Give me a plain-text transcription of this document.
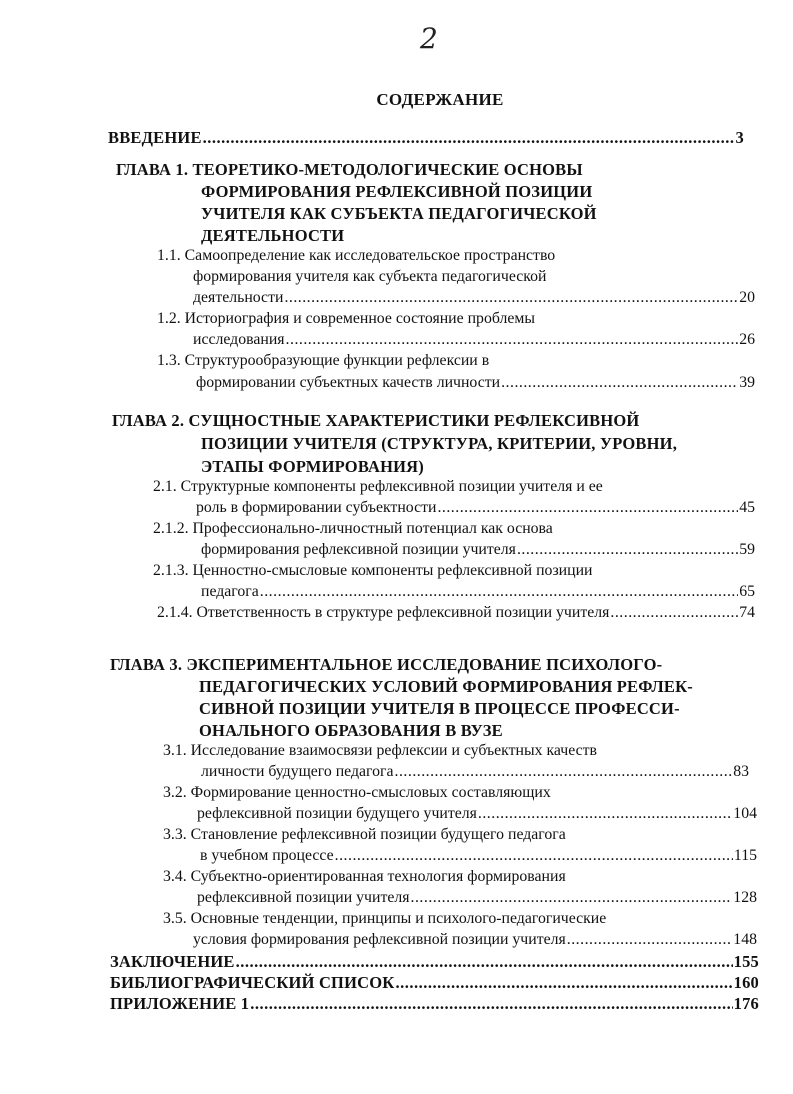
2
СОДЕРЖАНИЕ
ВВЕДЕНИЕ .....	3
ГЛАВА 1. ТЕОРЕТИКО-МЕТОДОЛОГИЧЕСКИЕ ОСНОВЫ
ФОРМИРОВАНИЯ РЕФЛЕКСИВНОЙ ПОЗИЦИИ
УЧИТЕЛЯ КАК СУБЪЕКТА ПЕДАГОГИЧЕСКОЙ
ДЕЯТЕЛЬНОСТИ
1.1. Самоопределение как исследовательское пространство
формирования учителя как субъекта педагогической
деятельности .....	20
1.2. Историография и современное состояние проблемы
исследования .....	26
1.3. Структурообразующие функции рефлексии в
формировании субъектных качеств личности .....	39
ГЛАВА 2. СУЩНОСТНЫЕ ХАРАКТЕРИСТИКИ РЕФЛЕКСИВНОЙ
ПОЗИЦИИ УЧИТЕЛЯ (СТРУКТУРА, КРИТЕРИИ, УРОВНИ,
ЭТАПЫ ФОРМИРОВАНИЯ)
2.1. Структурные компоненты рефлексивной позиции учителя и ее
роль в формировании субъектности .....	45
2.1.2. Профессионально-личностный потенциал как основа
формирования рефлексивной позиции учителя .....	59
2.1.3. Ценностно-смысловые компоненты рефлексивной позиции
педагога .....	65
2.1.4. Ответственность в структуре рефлексивной позиции учителя .....	74
ГЛАВА 3. ЭКСПЕРИМЕНТАЛЬНОЕ ИССЛЕДОВАНИЕ ПСИХОЛОГО-
ПЕДАГОГИЧЕСКИХ УСЛОВИЙ ФОРМИРОВАНИЯ РЕФЛЕК-
СИВНОЙ ПОЗИЦИИ УЧИТЕЛЯ В ПРОЦЕССЕ ПРОФЕССИ-
ОНАЛЬНОГО ОБРАЗОВАНИЯ В ВУЗЕ
3.1. Исследование взаимосвязи рефлексии и субъектных качеств
личности будущего педагога .....	83
3.2. Формирование ценностно-смысловых составляющих
рефлексивной позиции будущего учителя .....	104
3.3. Становление рефлексивной позиции будущего педагога
в учебном процессе .....	115
3.4. Субъектно-ориентированная технология формирования
рефлексивной позиции учителя .....	128
3.5. Основные тенденции, принципы и психолого-педагогические
условия формирования рефлексивной позиции учителя .....	148
ЗАКЛЮЧЕНИЕ .....	155
БИБЛИОГРАФИЧЕСКИЙ СПИСОК .....	160
ПРИЛОЖЕНИЕ 1 .....	176
